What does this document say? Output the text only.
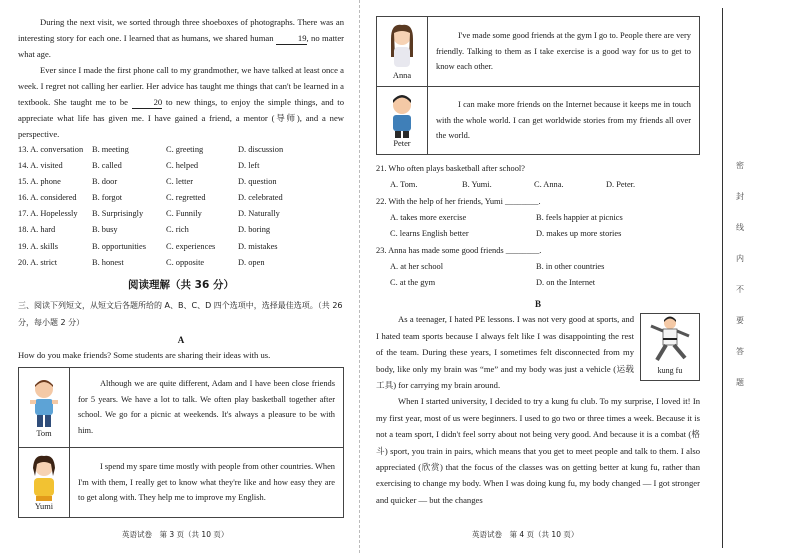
During the next visit, we sorted through three shoeboxes of photographs. There was an interesting story for each one. I learned that as humans, we shared human	19, no matter what age.

Ever since I made the first phone call to my grandmother, we have talked at least once a week. I regret not calling her earlier. Her advice has taught me things that can't be learned in a textbook. She taught me to be	20 to new things, to enjoy the simple things, and to appreciate what life has given me. I have gained a friend, a mentor (导师), and a new perspective.

13. A. conversation	B. meeting	C. greeting	D. discussion
14. A. visited	B. called	C. helped	D. left
15. A. phone	B. door	C. letter	D. question
16. A. considered	B. forgot	C. regretted	D. celebrated
17. A. Hopelessly	B. Surprisingly	C. Funnily	D. Naturally
18. A. hard	B. busy	C. rich	D. boring
19. A. skills	B. opportunities	C. experiences	D. mistakes
20. A. strict	B. honest	C. opposite	D. open
阅读理解（共 36 分）
三、阅读下列短文，从短文后各题所给的 A、B、C、D 四个选项中，选择最佳选项。（共 26 分，每小题 2 分）
A

How do you make friends? Some students are sharing their ideas with us.

Tom	Although we are quite different, Adam and I have been close friends for 5 years. We have a lot to talk. We often play basketball together after school. We go for a picnic at weekends. It's always a pleasure to be with him.

Yumi	I spend my spare time mostly with people from other countries. When I'm with them, I really get to know what they're like and how easy they are to get along with. They help me to improve my English.
英语试卷　第 3 页（共 10 页）
Anna	I've made some good friends at the gym I go to. People there are very friendly. Talking to them as I take exercise is a good way for us to get to know each other.

Peter	I can make more friends on the Internet because it keeps me in touch with the whole world. I can get worldwide stories from my friends all over the world.

21. Who often plays basketball after school?

A. Tom.	B. Yumi.	C. Anna.	D. Peter.

22. With the help of her friends, Yumi ________.

A. takes more exercise	B. feels happier at picnics
C. learns English better	D. makes up more stories

23. Anna has made some good friends ________.

A. at her school	B. in other countries
C. at the gym	D. on the Internet
B
kung fu

As a teenager, I hated PE lessons. I was not very good at sports, and I hated team sports because I always felt like I was disappointing the rest of the team. During these years, I sometimes felt disconnected from my body, like only my brain was “me” and my body was just a vehicle (运载工具) for carrying my brain around.

When I started university, I decided to try a kung fu club. To my surprise, I loved it! In my first year, most of us were beginners. I used to go two or three times a week. Because it is not a team sport, I didn't feel sorry about not being very good. And because it is a combat (格斗) sport, you train in pairs, which means that you get to meet people and talk to them. I also appreciated (欣赏) that the focus of the classes was on getting better at kung fu, rather than exercising to change my body. When I was doing kung fu, my body changed — I got stronger and quicker — but the changes

英语试卷　第 4 页（共 10 页）
密
封
线
内
不
要
答
题
